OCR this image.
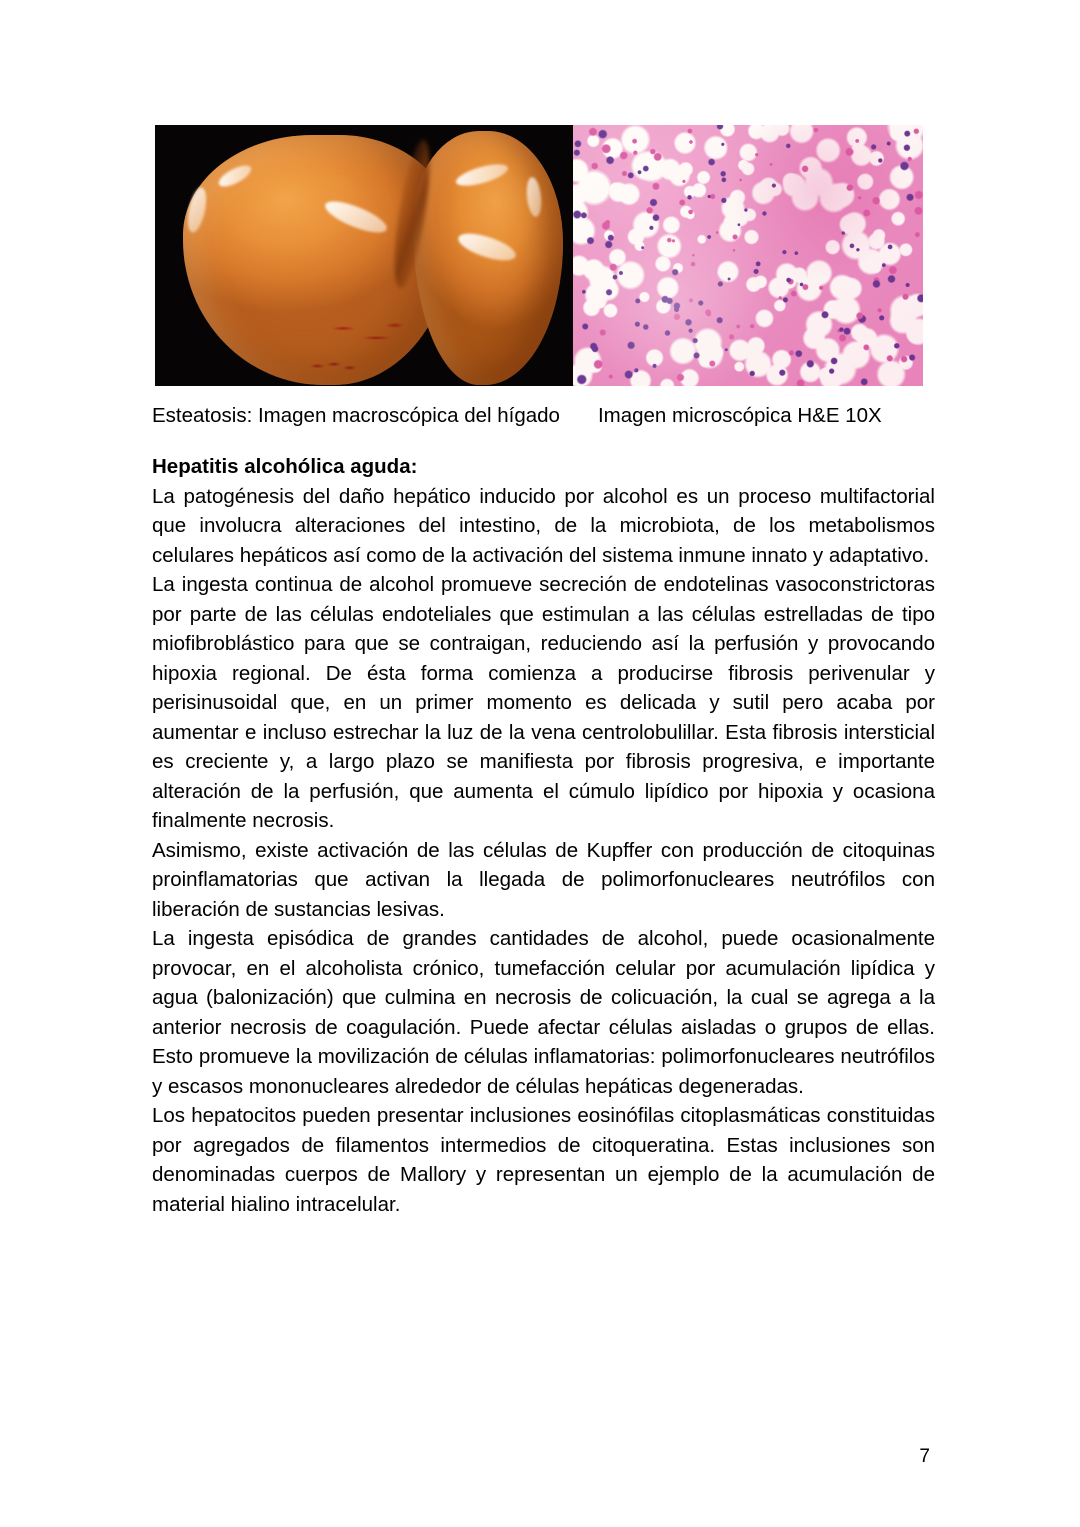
Esteatosis: Imagen macroscópica del hígado Imagen microscópica H&E 10X
Hepatitis alcohólica aguda:

La patogénesis del daño hepático inducido por alcohol es un proceso multifactorial que involucra alteraciones del intestino, de la microbiota, de los metabolismos celulares hepáticos así como de la activación del sistema inmune innato y adaptativo.

La ingesta continua de alcohol promueve secreción de endotelinas vasoconstrictoras por parte de las células endoteliales que estimulan a las células estrelladas de tipo miofibroblástico para que se contraigan, reduciendo así la perfusión y provocando hipoxia regional. De ésta forma comienza a producirse fibrosis perivenular y perisinusoidal que, en un primer momento es delicada y sutil pero acaba por aumentar e incluso estrechar la luz de la vena centrolobulillar. Esta fibrosis intersticial es creciente y, a largo plazo se manifiesta por fibrosis progresiva, e importante alteración de la perfusión, que aumenta el cúmulo lipídico por hipoxia y ocasiona finalmente necrosis.

Asimismo, existe activación de las células de Kupffer con producción de citoquinas proinflamatorias que activan la llegada de polimorfonucleares neutrófilos con liberación de sustancias lesivas.

La ingesta episódica de grandes cantidades de alcohol, puede ocasionalmente provocar, en el alcoholista crónico, tumefacción celular por acumulación lipídica y agua (balonización) que culmina en necrosis de colicuación, la cual se agrega a la anterior necrosis de coagulación. Puede afectar células aisladas o grupos de ellas. Esto promueve la movilización de células inflamatorias: polimorfonucleares neutrófilos y escasos mononucleares alrededor de células hepáticas degeneradas.

Los hepatocitos pueden presentar inclusiones eosinófilas citoplasmáticas constituidas por agregados de filamentos intermedios de citoqueratina. Estas inclusiones son denominadas cuerpos de Mallory y representan un ejemplo de la acumulación de material hialino intracelular.

7
